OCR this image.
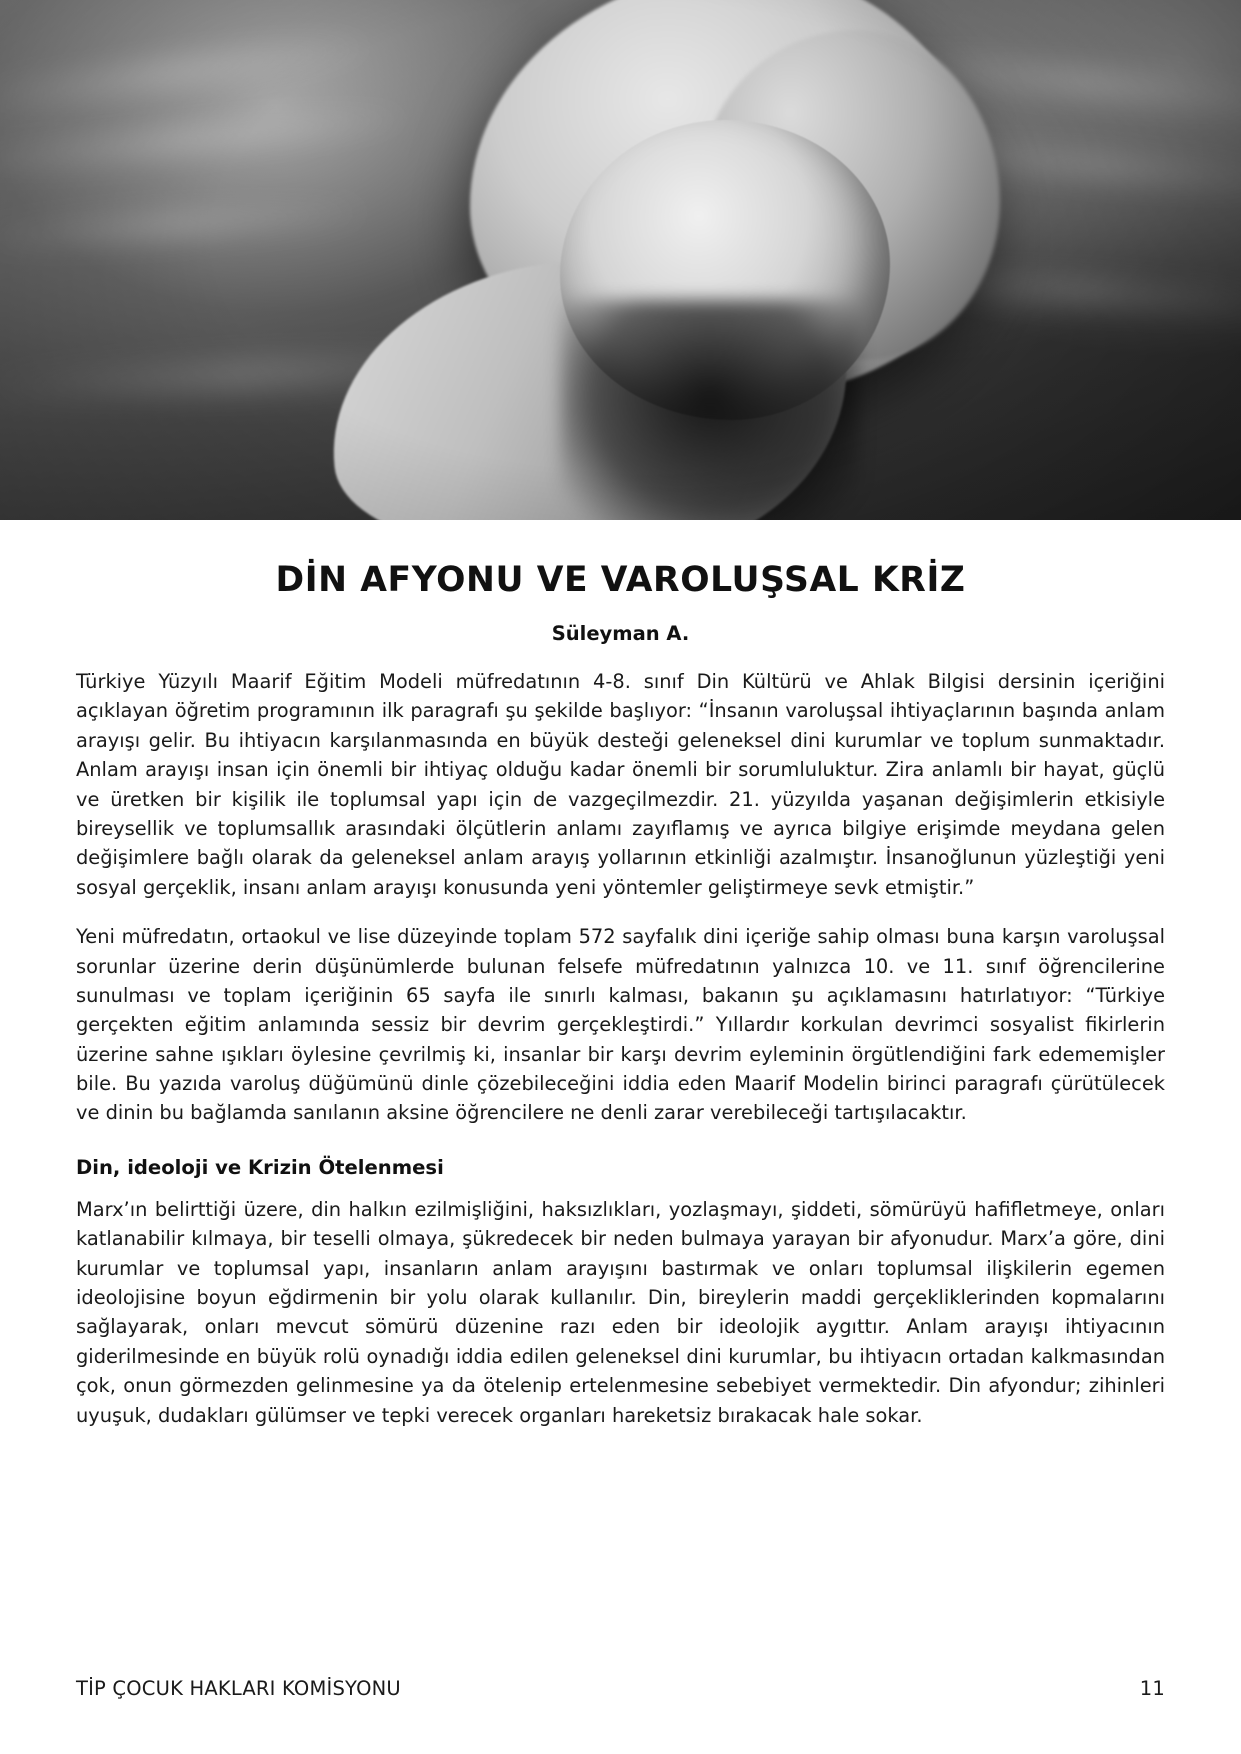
DİN AFYONU VE VAROLUŞSAL KRİZ
Süleyman A.

Türkiye Yüzyılı Maarif Eğitim Modeli müfredatının 4-8. sınıf Din Kültürü ve Ahlak Bilgisi dersinin içeriğini açıklayan öğretim programının ilk paragrafı şu şekilde başlıyor: “İnsanın varoluşsal ihtiyaçlarının başında anlam arayışı gelir. Bu ihtiyacın karşılanmasında en büyük desteği geleneksel dini kurumlar ve toplum sunmaktadır. Anlam arayışı insan için önemli bir ihtiyaç olduğu kadar önemli bir sorumluluktur. Zira anlamlı bir hayat, güçlü ve üretken bir kişilik ile toplumsal yapı için de vazgeçilmezdir. 21. yüzyılda yaşanan değişimlerin etkisiyle bireysellik ve toplumsallık arasındaki ölçütlerin anlamı zayıflamış ve ayrıca bilgiye erişimde meydana gelen değişimlere bağlı olarak da geleneksel anlam arayış yollarının etkinliği azalmıştır. İnsanoğlunun yüzleştiği yeni sosyal gerçeklik, insanı anlam arayışı konusunda yeni yöntemler geliştirmeye sevk etmiştir.”

Yeni müfredatın, ortaokul ve lise düzeyinde toplam 572 sayfalık dini içeriğe sahip olması buna karşın varoluşsal sorunlar üzerine derin düşünümlerde bulunan felsefe müfredatının yalnızca 10. ve 11. sınıf öğrencilerine sunulması ve toplam içeriğinin 65 sayfa ile sınırlı kalması, bakanın şu açıklamasını hatırlatıyor: “Türkiye gerçekten eğitim anlamında sessiz bir devrim gerçekleştirdi.” Yıllardır korkulan devrimci sosyalist fikirlerin üzerine sahne ışıkları öylesine çevrilmiş ki, insanlar bir karşı devrim eyleminin örgütlendiğini fark edememişler bile. Bu yazıda varoluş düğümünü dinle çözebileceğini iddia eden Maarif Modelin birinci paragrafı çürütülecek ve dinin bu bağlamda sanılanın aksine öğrencilere ne denli zarar verebileceği tartışılacaktır.

Din, ideoloji ve Krizin Ötelenmesi

Marx’ın belirttiği üzere, din halkın ezilmişliğini, haksızlıkları, yozlaşmayı, şiddeti, sömürüyü hafifletmeye, onları katlanabilir kılmaya, bir teselli olmaya, şükredecek bir neden bulmaya yarayan bir afyonudur. Marx’a göre, dini kurumlar ve toplumsal yapı, insanların anlam arayışını bastırmak ve onları toplumsal ilişkilerin egemen ideolojisine boyun eğdirmenin bir yolu olarak kullanılır. Din, bireylerin maddi gerçekliklerinden kopmalarını sağlayarak, onları mevcut sömürü düzenine razı eden bir ideolojik aygıttır. Anlam arayışı ihtiyacının giderilmesinde en büyük rolü oynadığı iddia edilen geleneksel dini kurumlar, bu ihtiyacın ortadan kalkmasından çok, onun görmezden gelinmesine ya da ötelenip ertelenmesine sebebiyet vermektedir. Din afyondur; zihinleri uyuşuk, dudakları gülümser ve tepki verecek organları hareketsiz bırakacak hale sokar.

TİP ÇOCUK HAKLARI KOMİSYONU	11
